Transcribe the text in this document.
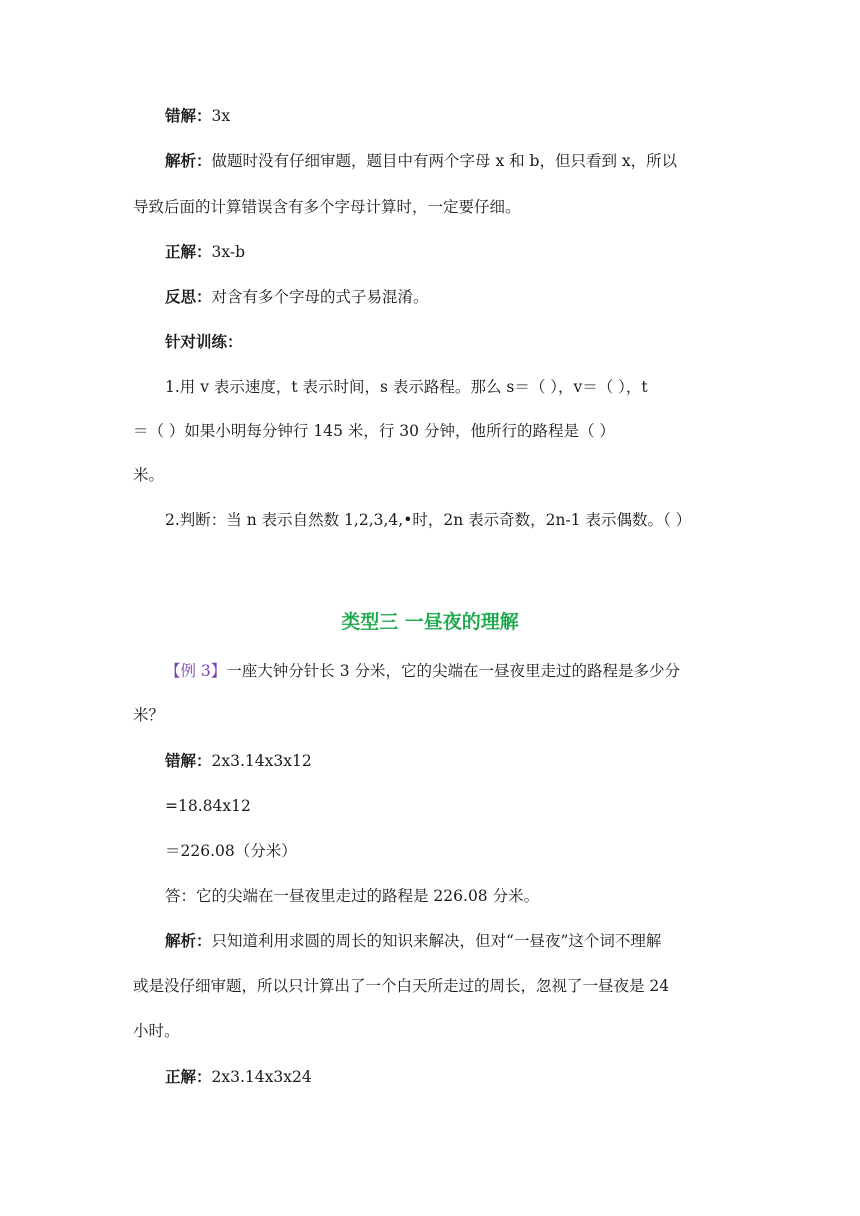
错解：3x
解析：做题时没有仔细审题，题目中有两个字母 x 和 b，但只看到 x，所以
导致后面的计算错误含有多个字母计算时，一定要仔细。
正解：3x-b
反思：对含有多个字母的式子易混淆。
针对训练：
1.用 v 表示速度，t 表示时间，s 表示路程。那么 s＝（ ），v＝（ ），t
＝（ ）如果小明每分钟行 145 米，行 30 分钟，他所行的路程是（ ）
米。
2.判断：当 n 表示自然数 1,2,3,4,•时，2n 表示奇数，2n-1 表示偶数。（ ）
类型三 一昼夜的理解
【例 3】一座大钟分针长 3 分米，它的尖端在一昼夜里走过的路程是多少分
米？
错解：2x3.14x3x12
=18.84x12
＝226.08（分米）
答：它的尖端在一昼夜里走过的路程是 226.08 分米。
解析：只知道利用求圆的周长的知识来解决，但对“一昼夜”这个词不理解
或是没仔细审题，所以只计算出了一个白天所走过的周长，忽视了一昼夜是 24
小时。
正解：2x3.14x3x24
